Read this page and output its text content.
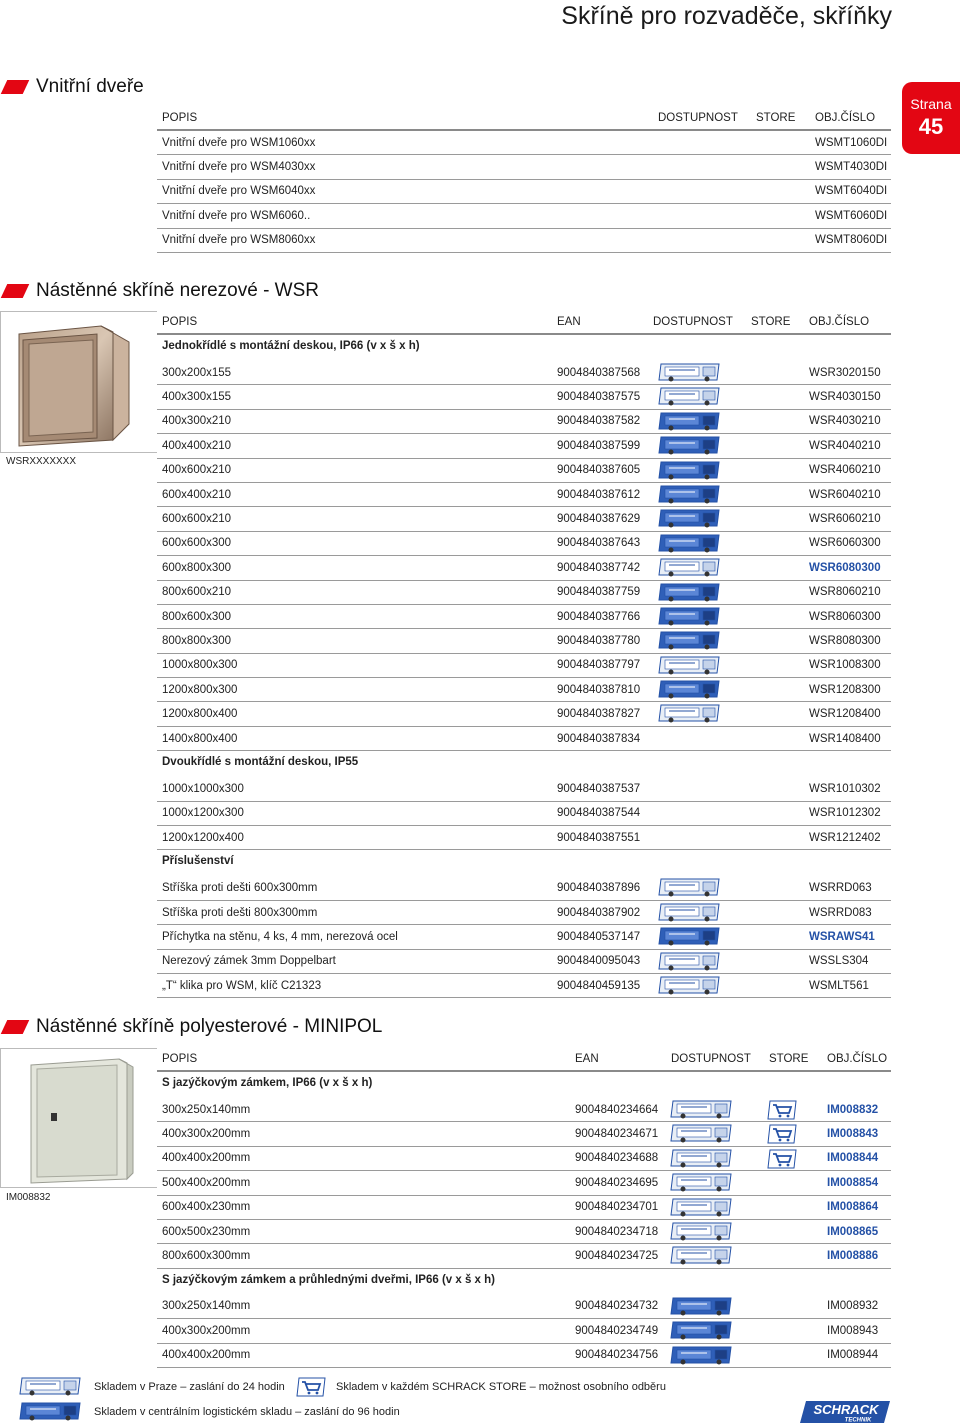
Skříně pro rozvaděče, skříňky
Strana
45
Vnitřní dveře
POPIS	DOSTUPNOST STORE OBJ.ČÍSLO
Vnitřní dveře pro WSM1060xx	WSMT1060DI
Vnitřní dveře pro WSM4030xx	WSMT4030DI
Vnitřní dveře pro WSM6040xx	WSMT6040DI
Vnitřní dveře pro WSM6060..	WSMT6060DI
Vnitřní dveře pro WSM8060xx	WSMT8060DI
Nástěnné skříně nerezové - WSR
WSRXXXXXXX
POPIS	EAN	DOSTUPNOST STORE OBJ.ČÍSLO
Jednokřídlé s montážní deskou, IP66 (v x š x h)
300x200x155	9004840387568	WSR3020150
400x300x155	9004840387575	WSR4030150
400x300x210	9004840387582	WSR4030210
400x400x210	9004840387599	WSR4040210
400x600x210	9004840387605	WSR4060210
600x400x210	9004840387612	WSR6040210
600x600x210	9004840387629	WSR6060210
600x600x300	9004840387643	WSR6060300
600x800x300	9004840387742	WSR6080300
800x600x210	9004840387759	WSR8060210
800x600x300	9004840387766	WSR8060300
800x800x300	9004840387780	WSR8080300
1000x800x300	9004840387797	WSR1008300
1200x800x300	9004840387810	WSR1208300
1200x800x400	9004840387827	WSR1208400
1400x800x400	9004840387834	WSR1408400
Dvoukřídlé s montážní deskou, IP55
1000x1000x300	9004840387537	WSR1010302
1000x1200x300	9004840387544	WSR1012302
1200x1200x400	9004840387551	WSR1212402
Příslušenství
Stříška proti dešti 600x300mm	9004840387896	WSRRD063
Stříška proti dešti 800x300mm	9004840387902	WSRRD083
Příchytka na stěnu, 4 ks, 4 mm, nerezová ocel	9004840537147	WSRAWS41
Nerezový zámek 3mm Doppelbart	9004840095043	WSSLS304
„T“ klika pro WSM, klíč C21323	9004840459135	WSMLT561
Nástěnné skříně polyesterové - MINIPOL
IM008832
POPIS	EAN	DOSTUPNOST STORE OBJ.ČÍSLO
S jazýčkovým zámkem, IP66 (v x š x h)
300x250x140mm	9004840234664	IM008832
400x300x200mm	9004840234671	IM008843
400x400x200mm	9004840234688	IM008844
500x400x200mm	9004840234695	IM008854
600x400x230mm	9004840234701	IM008864
600x500x230mm	9004840234718	IM008865
800x600x300mm	9004840234725	IM008886
S jazýčkovým zámkem a průhlednými dveřmi, IP66 (v x š x h)
300x250x140mm	9004840234732	IM008932
400x300x200mm	9004840234749	IM008943
400x400x200mm	9004840234756	IM008944
Skladem v Praze – zaslání do 24 hodin	Skladem v každém SCHRACK STORE – možnost osobního odběru
Skladem v centrálním logistickém skladu – zaslání do 96 hodin	SCHRACK
TECHNIK
